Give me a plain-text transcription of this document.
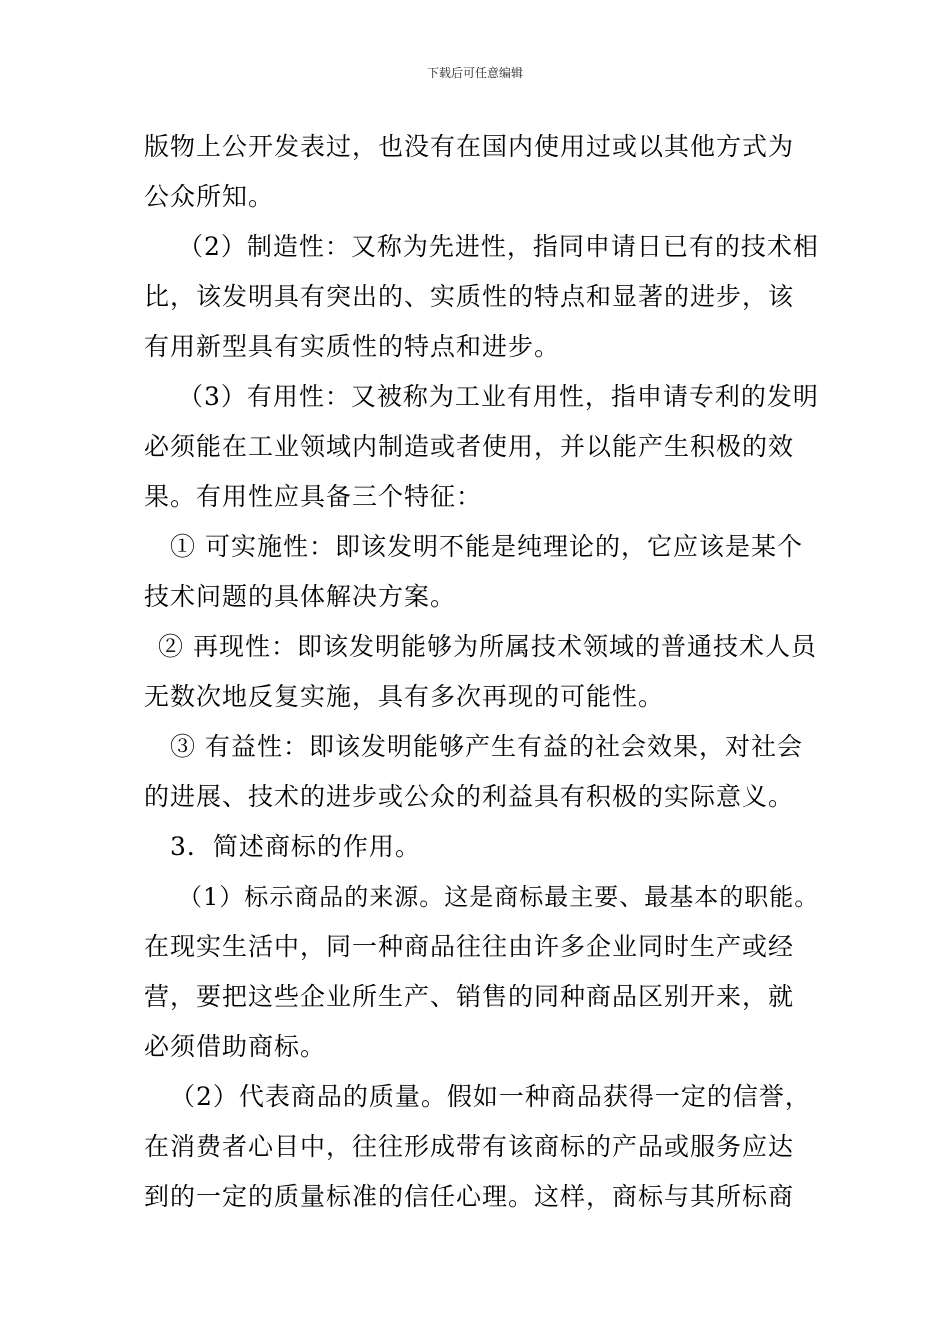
下载后可任意编辑
版物上公开发表过，也没有在国内使用过或以其他方式为
公众所知。
（2）制造性：又称为先进性，指同申请日已有的技术相
比，该发明具有突出的、实质性的特点和显著的进步，该
有用新型具有实质性的特点和进步。
（3）有用性：又被称为工业有用性，指申请专利的发明
必须能在工业领域内制造或者使用，并以能产生积极的效
果。有用性应具备三个特征：
① 可实施性：即该发明不能是纯理论的，它应该是某个
技术问题的具体解决方案。
② 再现性：即该发明能够为所属技术领域的普通技术人员
无数次地反复实施，具有多次再现的可能性。
③ 有益性：即该发明能够产生有益的社会效果，对社会
的进展、技术的进步或公众的利益具有积极的实际意义。
3．简述商标的作用。
（1）标示商品的来源。这是商标最主要、最基本的职能。
在现实生活中，同一种商品往往由许多企业同时生产或经
营，要把这些企业所生产、销售的同种商品区别开来，就
必须借助商标。
（2）代表商品的质量。假如一种商品获得一定的信誉，
在消费者心目中，往往形成带有该商标的产品或服务应达
到的一定的质量标准的信任心理。这样，商标与其所标商
